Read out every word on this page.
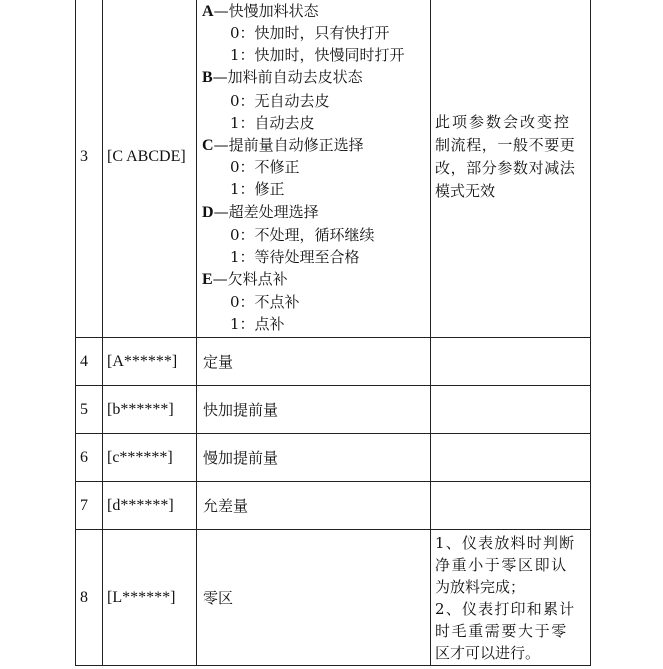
3 [C ABCDE]
A—快慢加料状态
0：快加时，只有快打开
1：快加时，快慢同时打开
B—加料前自动去皮状态
0：无自动去皮
1：自动去皮
C—提前量自动修正选择
0：不修正
1：修正
D—超差处理选择
0：不处理，循环继续
1：等待处理至合格
E—欠料点补
0：不点补
1：点补
此项参数会改变控
制流程，一般不要更
改，部分参数对减法
模式无效
4 [A******] 定量
5 [b******] 快加提前量
6 [c******] 慢加提前量
7 [d******] 允差量
8 [L******] 零区
1、仪表放料时判断
净重小于零区即认
为放料完成；
2、仪表打印和累计
时毛重需要大于零
区才可以进行。
